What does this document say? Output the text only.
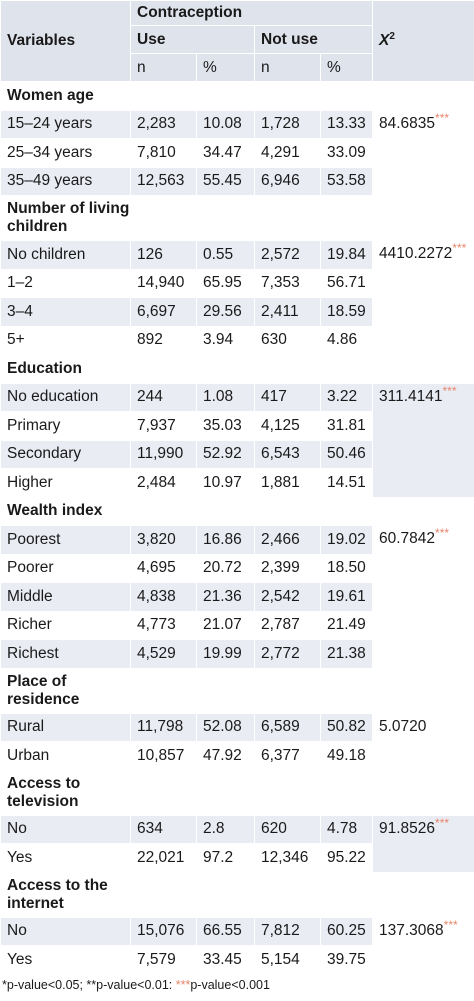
Variables	Contraception				$X^2$
	Use		Not use		
	n	%	n	%	
Women age					
15–24 years	2,283	10.08	1,728	13.33	84.6835***
25–34 years	7,810	34.47	4,291	33.09	
35–49 years	12,563	55.45	6,946	53.58	
Number of living children					
No children	126	0.55	2,572	19.84	4410.2272***
1–2	14,940	65.95	7,353	56.71	
3–4	6,697	29.56	2,411	18.59	
5+	892	3.94	630	4.86	
Education					
No education	244	1.08	417	3.22	311.4141***
Primary	7,937	35.03	4,125	31.81	
Secondary	11,990	52.92	6,543	50.46	
Higher	2,484	10.97	1,881	14.51	
Wealth index					
Poorest	3,820	16.86	2,466	19.02	60.7842***
Poorer	4,695	20.72	2,399	18.50	
Middle	4,838	21.36	2,542	19.61	
Richer	4,773	21.07	2,787	21.49	
Richest	4,529	19.99	2,772	21.38	
Place of residence					
Rural	11,798	52.08	6,589	50.82	5.0720
Urban	10,857	47.92	6,377	49.18	
Access to television					
No	634	2.8	620	4.78	91.8526***
Yes	22,021	97.2	12,346	95.22	
Access to the internet					
No	15,076	66.55	7,812	60.25	137.3068***
Yes	7,579	33.45	5,154	39.75	
*p-value<0.05; **p-value<0.01: ***p-value<0.001
